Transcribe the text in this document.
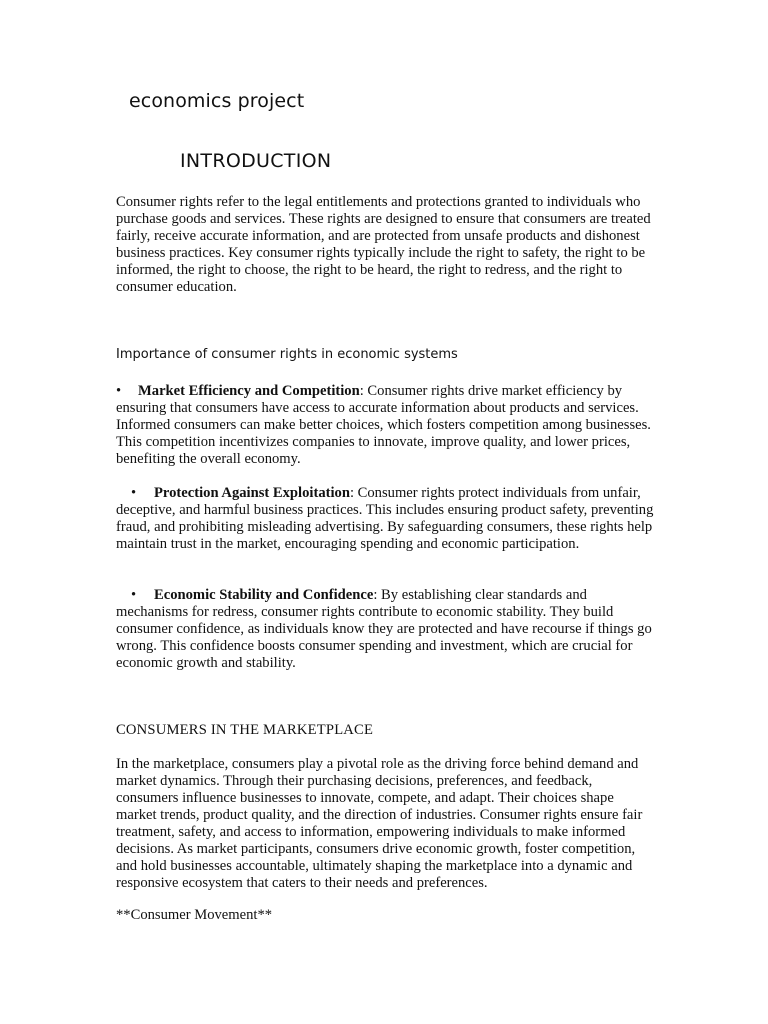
economics project
INTRODUCTION

Consumer rights refer to the legal entitlements and protections granted to individuals who purchase goods and services. These rights are designed to ensure that consumers are treated fairly, receive accurate information, and are protected from unsafe products and dishonest business practices. Key consumer rights typically include the right to safety, the right to be informed, the right to choose, the right to be heard, the right to redress, and the right to consumer education.

Importance of consumer rights in economic systems

• Market Efficiency and Competition: Consumer rights drive market efficiency by ensuring that consumers have access to accurate information about products and services. Informed consumers can make better choices, which fosters competition among businesses. This competition incentivizes companies to innovate, improve quality, and lower prices, benefiting the overall economy.

• Protection Against Exploitation: Consumer rights protect individuals from unfair, deceptive, and harmful business practices. This includes ensuring product safety, preventing fraud, and prohibiting misleading advertising. By safeguarding consumers, these rights help maintain trust in the market, encouraging spending and economic participation.

• Economic Stability and Confidence: By establishing clear standards and mechanisms for redress, consumer rights contribute to economic stability. They build consumer confidence, as individuals know they are protected and have recourse if things go wrong. This confidence boosts consumer spending and investment, which are crucial for economic growth and stability.

CONSUMERS IN THE MARKETPLACE

In the marketplace, consumers play a pivotal role as the driving force behind demand and market dynamics. Through their purchasing decisions, preferences, and feedback, consumers influence businesses to innovate, compete, and adapt. Their choices shape market trends, product quality, and the direction of industries. Consumer rights ensure fair treatment, safety, and access to information, empowering individuals to make informed decisions. As market participants, consumers drive economic growth, foster competition, and hold businesses accountable, ultimately shaping the marketplace into a dynamic and responsive ecosystem that caters to their needs and preferences.

**Consumer Movement**
